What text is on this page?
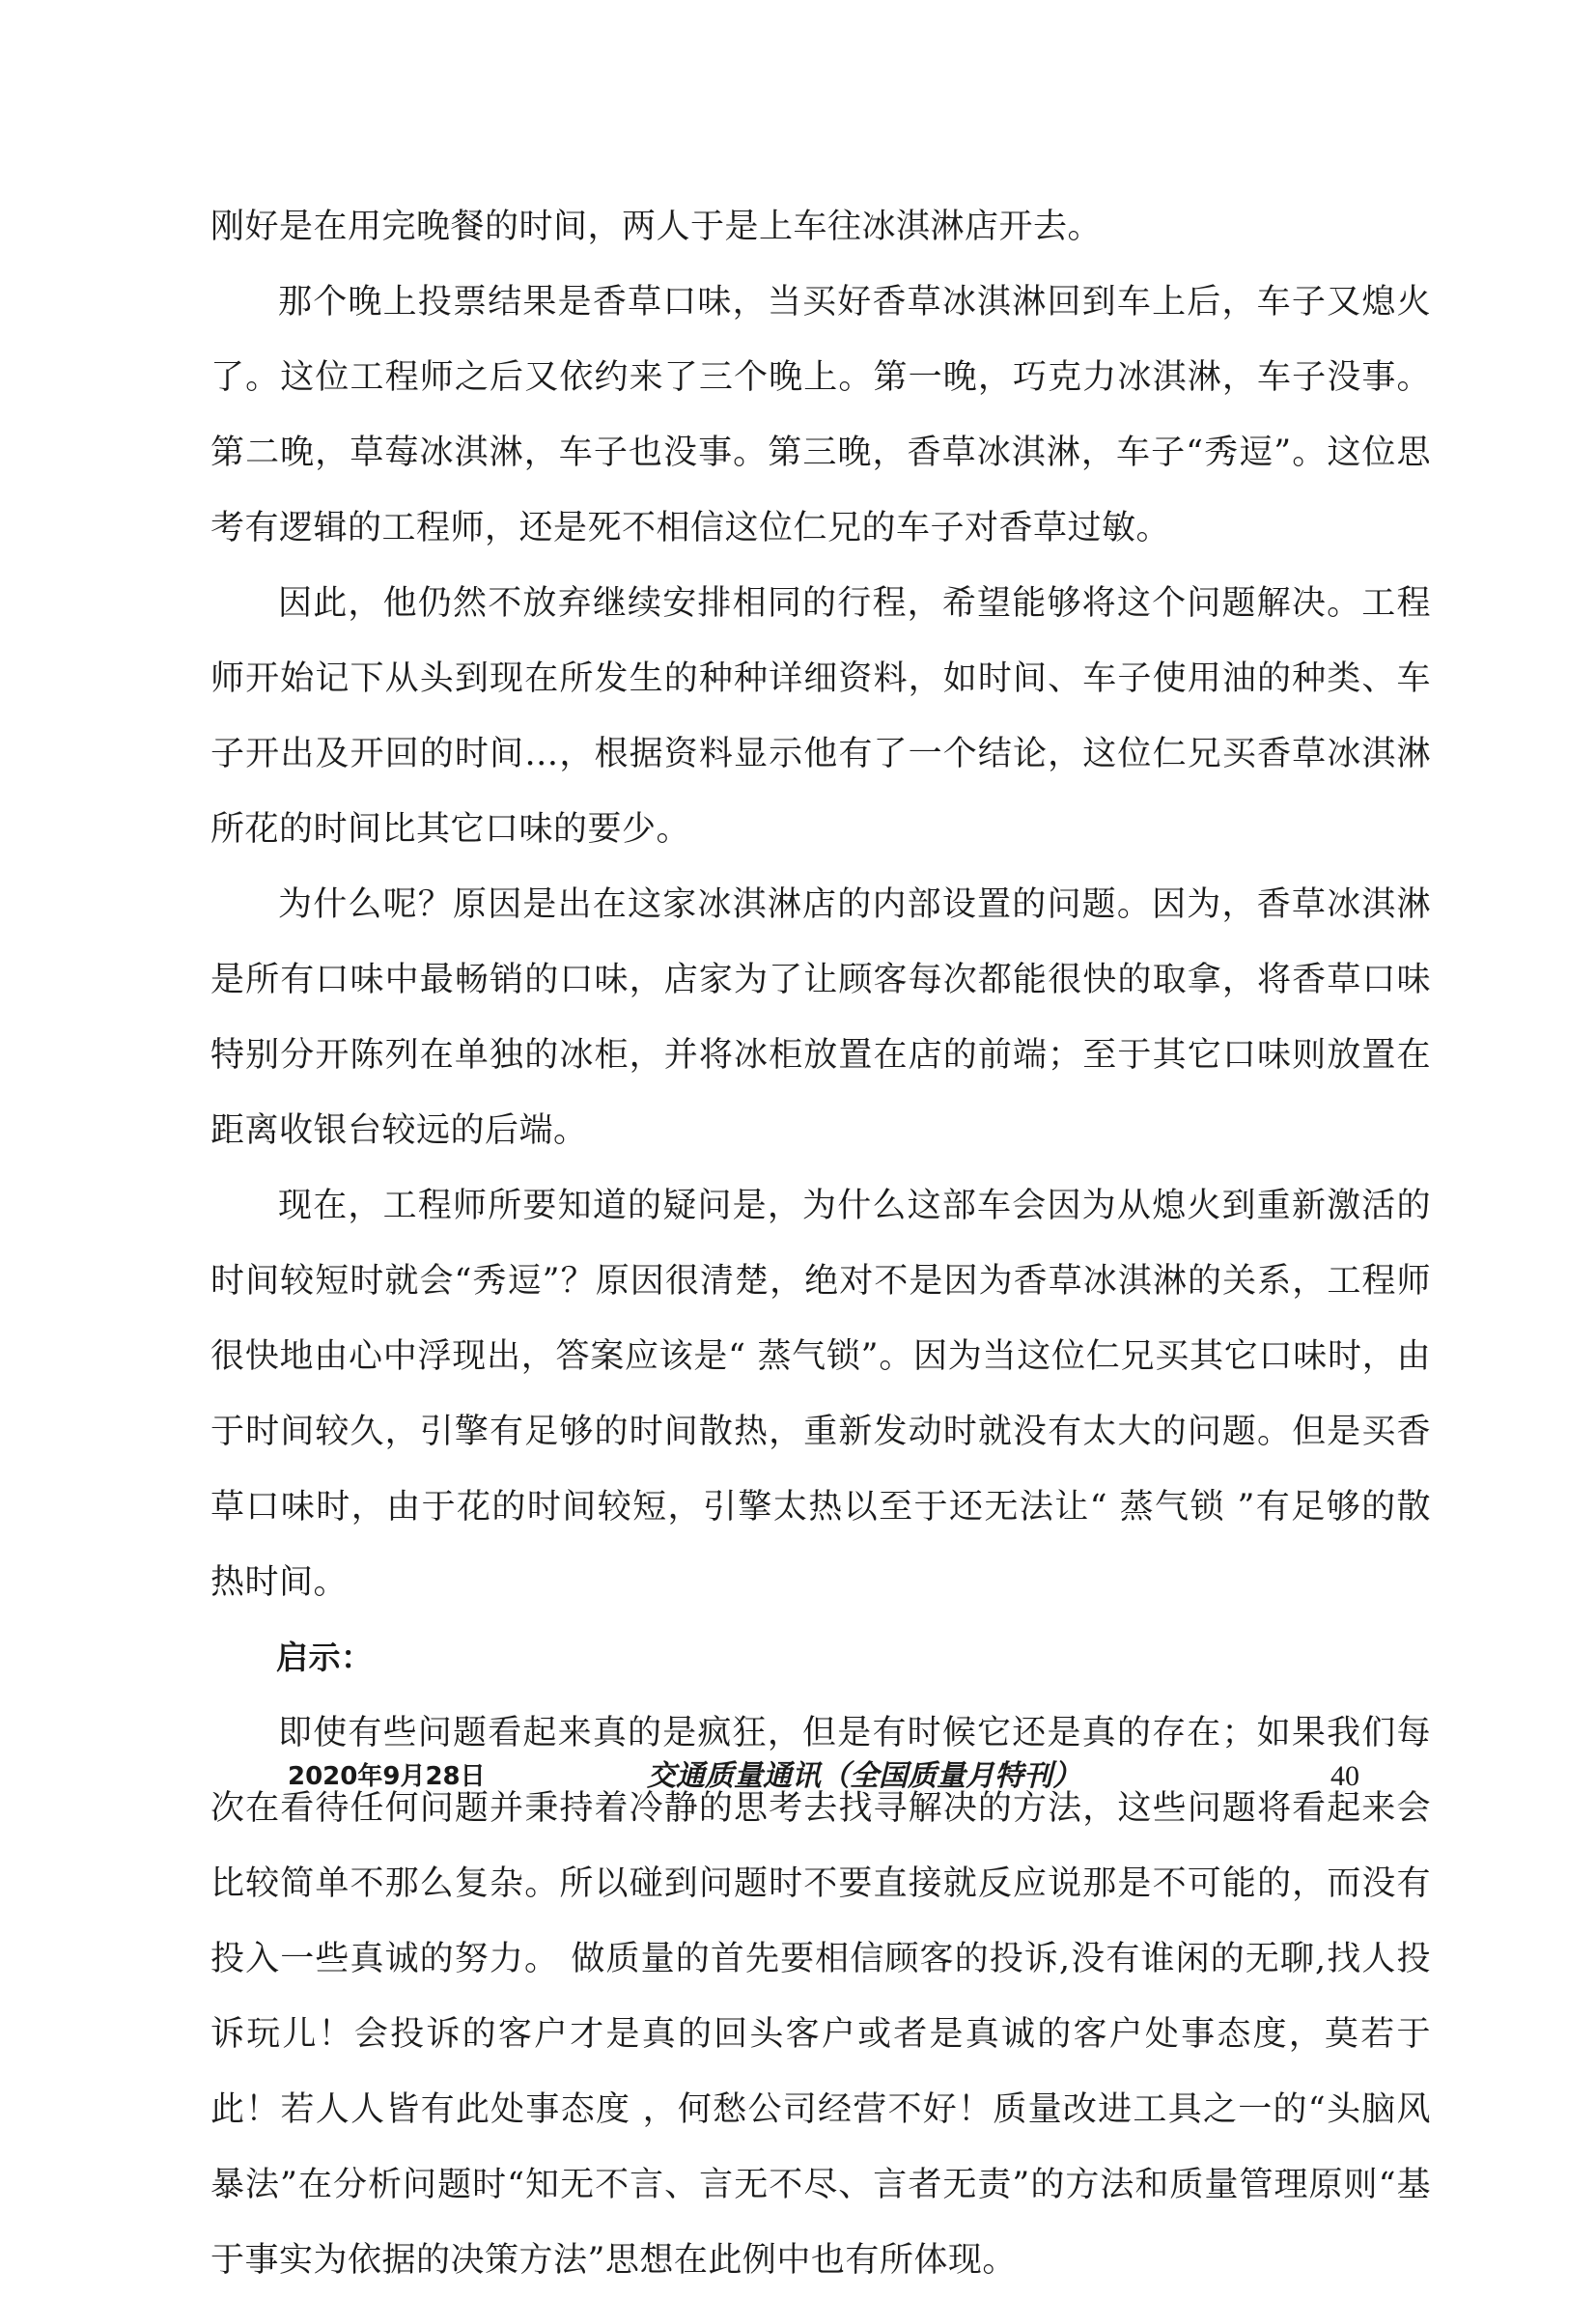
刚好是在用完晚餐的时间，两人于是上车往冰淇淋店开去。

那个晚上投票结果是香草口味，当买好香草冰淇淋回到车上后，车子又熄火了。这位工程师之后又依约来了三个晚上。第一晚，巧克力冰淇淋，车子没事。第二晚，草莓冰淇淋，车子也没事。第三晚，香草冰淇淋，车子“秀逗”。这位思考有逻辑的工程师，还是死不相信这位仁兄的车子对香草过敏。

因此，他仍然不放弃继续安排相同的行程，希望能够将这个问题解决。工程师开始记下从头到现在所发生的种种详细资料，如时间、车子使用油的种类、车子开出及开回的时间…，根据资料显示他有了一个结论，这位仁兄买香草冰淇淋所花的时间比其它口味的要少。

为什么呢？原因是出在这家冰淇淋店的内部设置的问题。因为，香草冰淇淋是所有口味中最畅销的口味，店家为了让顾客每次都能很快的取拿，将香草口味特别分开陈列在单独的冰柜，并将冰柜放置在店的前端；至于其它口味则放置在距离收银台较远的后端。

现在，工程师所要知道的疑问是，为什么这部车会因为从熄火到重新激活的时间较短时就会“秀逗”？原因很清楚，绝对不是因为香草冰淇淋的关系，工程师很快地由心中浮现出，答案应该是“ 蒸气锁”。因为当这位仁兄买其它口味时，由于时间较久，引擎有足够的时间散热，重新发动时就没有太大的问题。但是买香草口味时，由于花的时间较短，引擎太热以至于还无法让“ 蒸气锁 ”有足够的散热时间。

启示：

即使有些问题看起来真的是疯狂，但是有时候它还是真的存在；如果我们每次在看待任何问题并秉持着冷静的思考去找寻解决的方法，这些问题将看起来会比较简单不那么复杂。所以碰到问题时不要直接就反应说那是不可能的，而没有投入一些真诚的努力。 做质量的首先要相信顾客的投诉,没有谁闲的无聊,找人投诉玩儿！会投诉的客户才是真的回头客户或者是真诚的客户处事态度，莫若于此！若人人皆有此处事态度 ，何愁公司经营不好！质量改进工具之一的“头脑风暴法”在分析问题时“知无不言、言无不尽、言者无责”的方法和质量管理原则“基于事实为依据的决策方法”思想在此例中也有所体现。

2020年9月28日	交通质量通讯（全国质量月特刊）	40
